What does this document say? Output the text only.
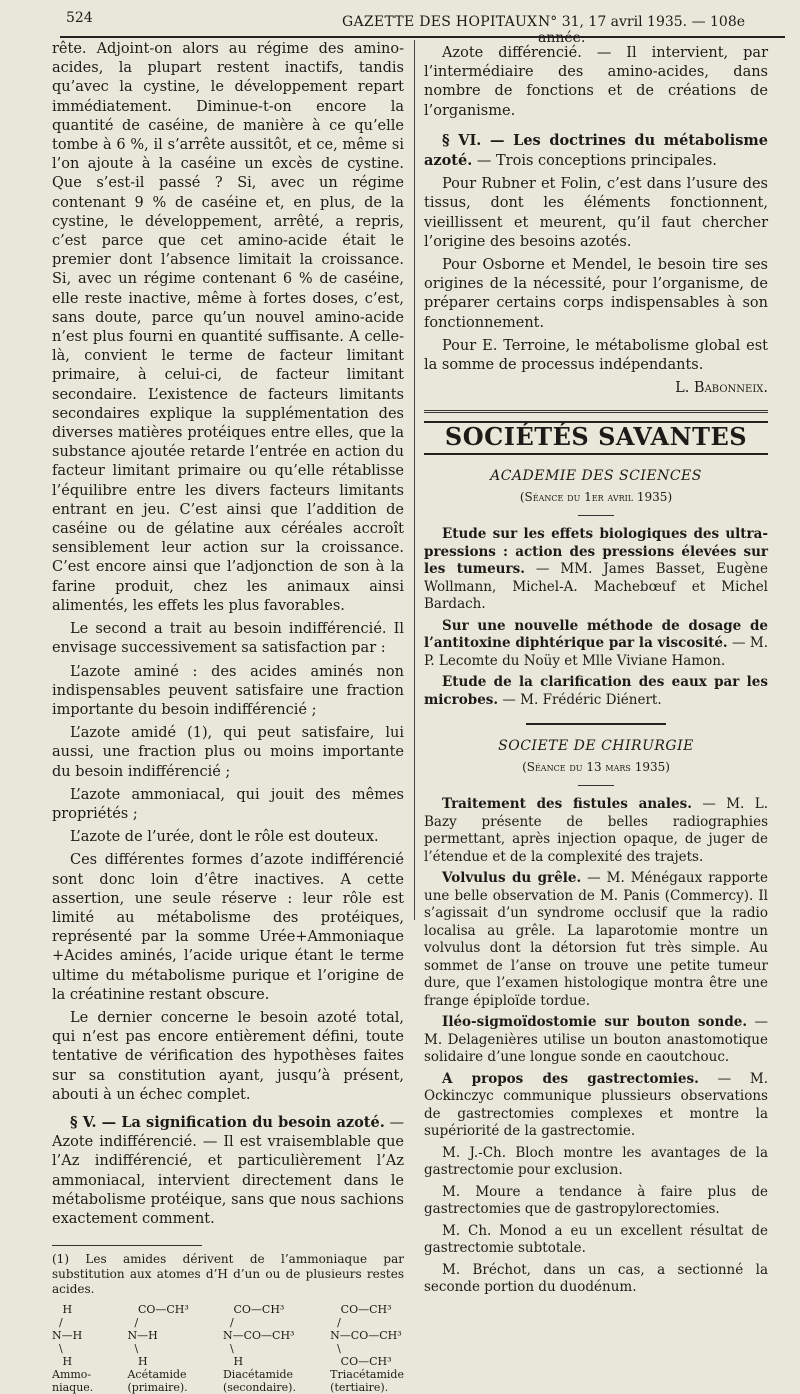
524	GAZETTE DES HOPITAUX N° 31, 17 avril 1935. — 108e année.

rête. Adjoint-on alors au régime des amino-acides, la plupart restent inactifs, tandis qu’avec la cystine, le développement repart immédiatement. Diminue-t-on encore la quantité de caséine, de manière à ce qu’elle tombe à 6 %, il s’arrête aussitôt, et ce, même si l’on ajoute à la caséine un excès de cystine. Que s’est-il passé ? Si, avec un régime contenant 9 % de caséine et, en plus, de la cystine, le développement, arrêté, a repris, c’est parce que cet amino-acide était le premier dont l’absence limitait la croissance. Si, avec un régime contenant 6 % de caséine, elle reste inactive, même à fortes doses, c’est, sans doute, parce qu’un nouvel amino-acide n’est plus fourni en quantité suffisante. A celle-là, convient le terme de facteur limitant primaire, à celui-ci, de facteur limitant secondaire. L’existence de facteurs limitants secondaires explique la supplémentation des diverses matières protéiques entre elles, que la substance ajoutée retarde l’entrée en action du facteur limitant primaire ou qu’elle rétablisse l’équilibre entre les divers facteurs limitants entrant en jeu. C’est ainsi que l’addition de caséine ou de gélatine aux céréales accroît sensiblement leur action sur la croissance. C’est encore ainsi que l’adjonction de son à la farine produit, chez les animaux ainsi alimentés, les effets les plus favorables.

Le second a trait au besoin indifférencié. Il envisage successivement sa satisfaction par :

L’azote aminé : des acides aminés non indispensables peuvent satisfaire une fraction importante du besoin indifférencié ;

L’azote amidé (1), qui peut satisfaire, lui aussi, une fraction plus ou moins importante du besoin indifférencié ;

L’azote ammoniacal, qui jouit des mêmes propriétés ;

L’azote de l’urée, dont le rôle est douteux.

Ces différentes formes d’azote indifférencié sont donc loin d’être inactives. A cette assertion, une seule réserve : leur rôle est limité au métabolisme des protéiques, représenté par la somme Urée+Ammoniaque +Acides aminés, l’acide urique étant le terme ultime du métabolisme purique et l’origine de la créatinine restant obscure.

Le dernier concerne le besoin azoté total, qui n’est pas encore entièrement défini, toute tentative de vérification des hypothèses faites sur sa constitution ayant, jusqu’à présent, abouti à un échec complet.

§ V. — La signification du besoin azoté. — Azote indifférencié. — Il est vraisemblable que l’Az indifférencié, et particulièrement l’Az ammoniacal, intervient directement dans le métabolisme protéique, sans que nous sachions exactement comment.

(1) Les amides dérivent de l’ammoniaque par substitution aux atomes d’H d’un ou de plusieurs restes acides.
H
/
N—H
\
H
Ammo-
niaque.
CO—CH³
/
N—H
\
H
Acétamide
(primaire).
CO—CH³
/
N—CO—CH³
\
H
Diacétamide
(secondaire).
CO—CH³
/
N—CO—CH³
\
CO—CH³
Triacétamide
(tertiaire).

Azote différencié. — Il intervient, par l’intermédiaire des amino-acides, dans nombre de fonctions et de créations de l’organisme.

§ VI. — Les doctrines du métabolisme azoté. — Trois conceptions principales.

Pour Rubner et Folin, c’est dans l’usure des tissus, dont les éléments fonctionnent, vieillissent et meurent, qu’il faut chercher l’origine des besoins azotés.

Pour Osborne et Mendel, le besoin tire ses origines de la nécessité, pour l’organisme, de préparer certains corps indispensables à son fonctionnement.

Pour E. Terroine, le métabolisme global est la somme de processus indépendants.

L. Babonneix.
SOCIÉTÉS SAVANTES
ACADEMIE DES SCIENCES
(Séance du 1er avril 1935)

Etude sur les effets biologiques des ultra-pressions : action des pressions élevées sur les tumeurs. — MM. James Basset, Eugène Wollmann, Michel-A. Machebœuf et Michel Bardach.

Sur une nouvelle méthode de dosage de l’antitoxine diphtérique par la viscosité. — M. P. Lecomte du Noüy et Mlle Viviane Hamon.

Etude de la clarification des eaux par les microbes. — M. Frédéric Diénert.

SOCIETE DE CHIRURGIE
(Séance du 13 mars 1935)

Traitement des fistules anales. — M. L. Bazy présente de belles radiographies permettant, après injection opaque, de juger de l’étendue et de la complexité des trajets.

Volvulus du grêle. — M. Ménégaux rapporte une belle observation de M. Panis (Commercy). Il s’agissait d’un syndrome occlusif que la radio localisa au grêle. La laparotomie montre un volvulus dont la détorsion fut très simple. Au sommet de l’anse on trouve une petite tumeur dure, que l’examen histologique montra être une frange épiploïde tordue.

Iléo-sigmoïdostomie sur bouton sonde. — M. Delagenières utilise un bouton anastomotique solidaire d’une longue sonde en caoutchouc.

A propos des gastrectomies. — M. Ockinczyc communique plussieurs observations de gastrectomies complexes et montre la supériorité de la gastrectomie.

M. J.-Ch. Bloch montre les avantages de la gastrectomie pour exclusion.

M. Moure a tendance à faire plus de gastrectomies que de gastropylorectomies.

M. Ch. Monod a eu un excellent résultat de gastrectomie subtotale.

M. Bréchot, dans un cas, a sectionné la seconde portion du duodénum.
